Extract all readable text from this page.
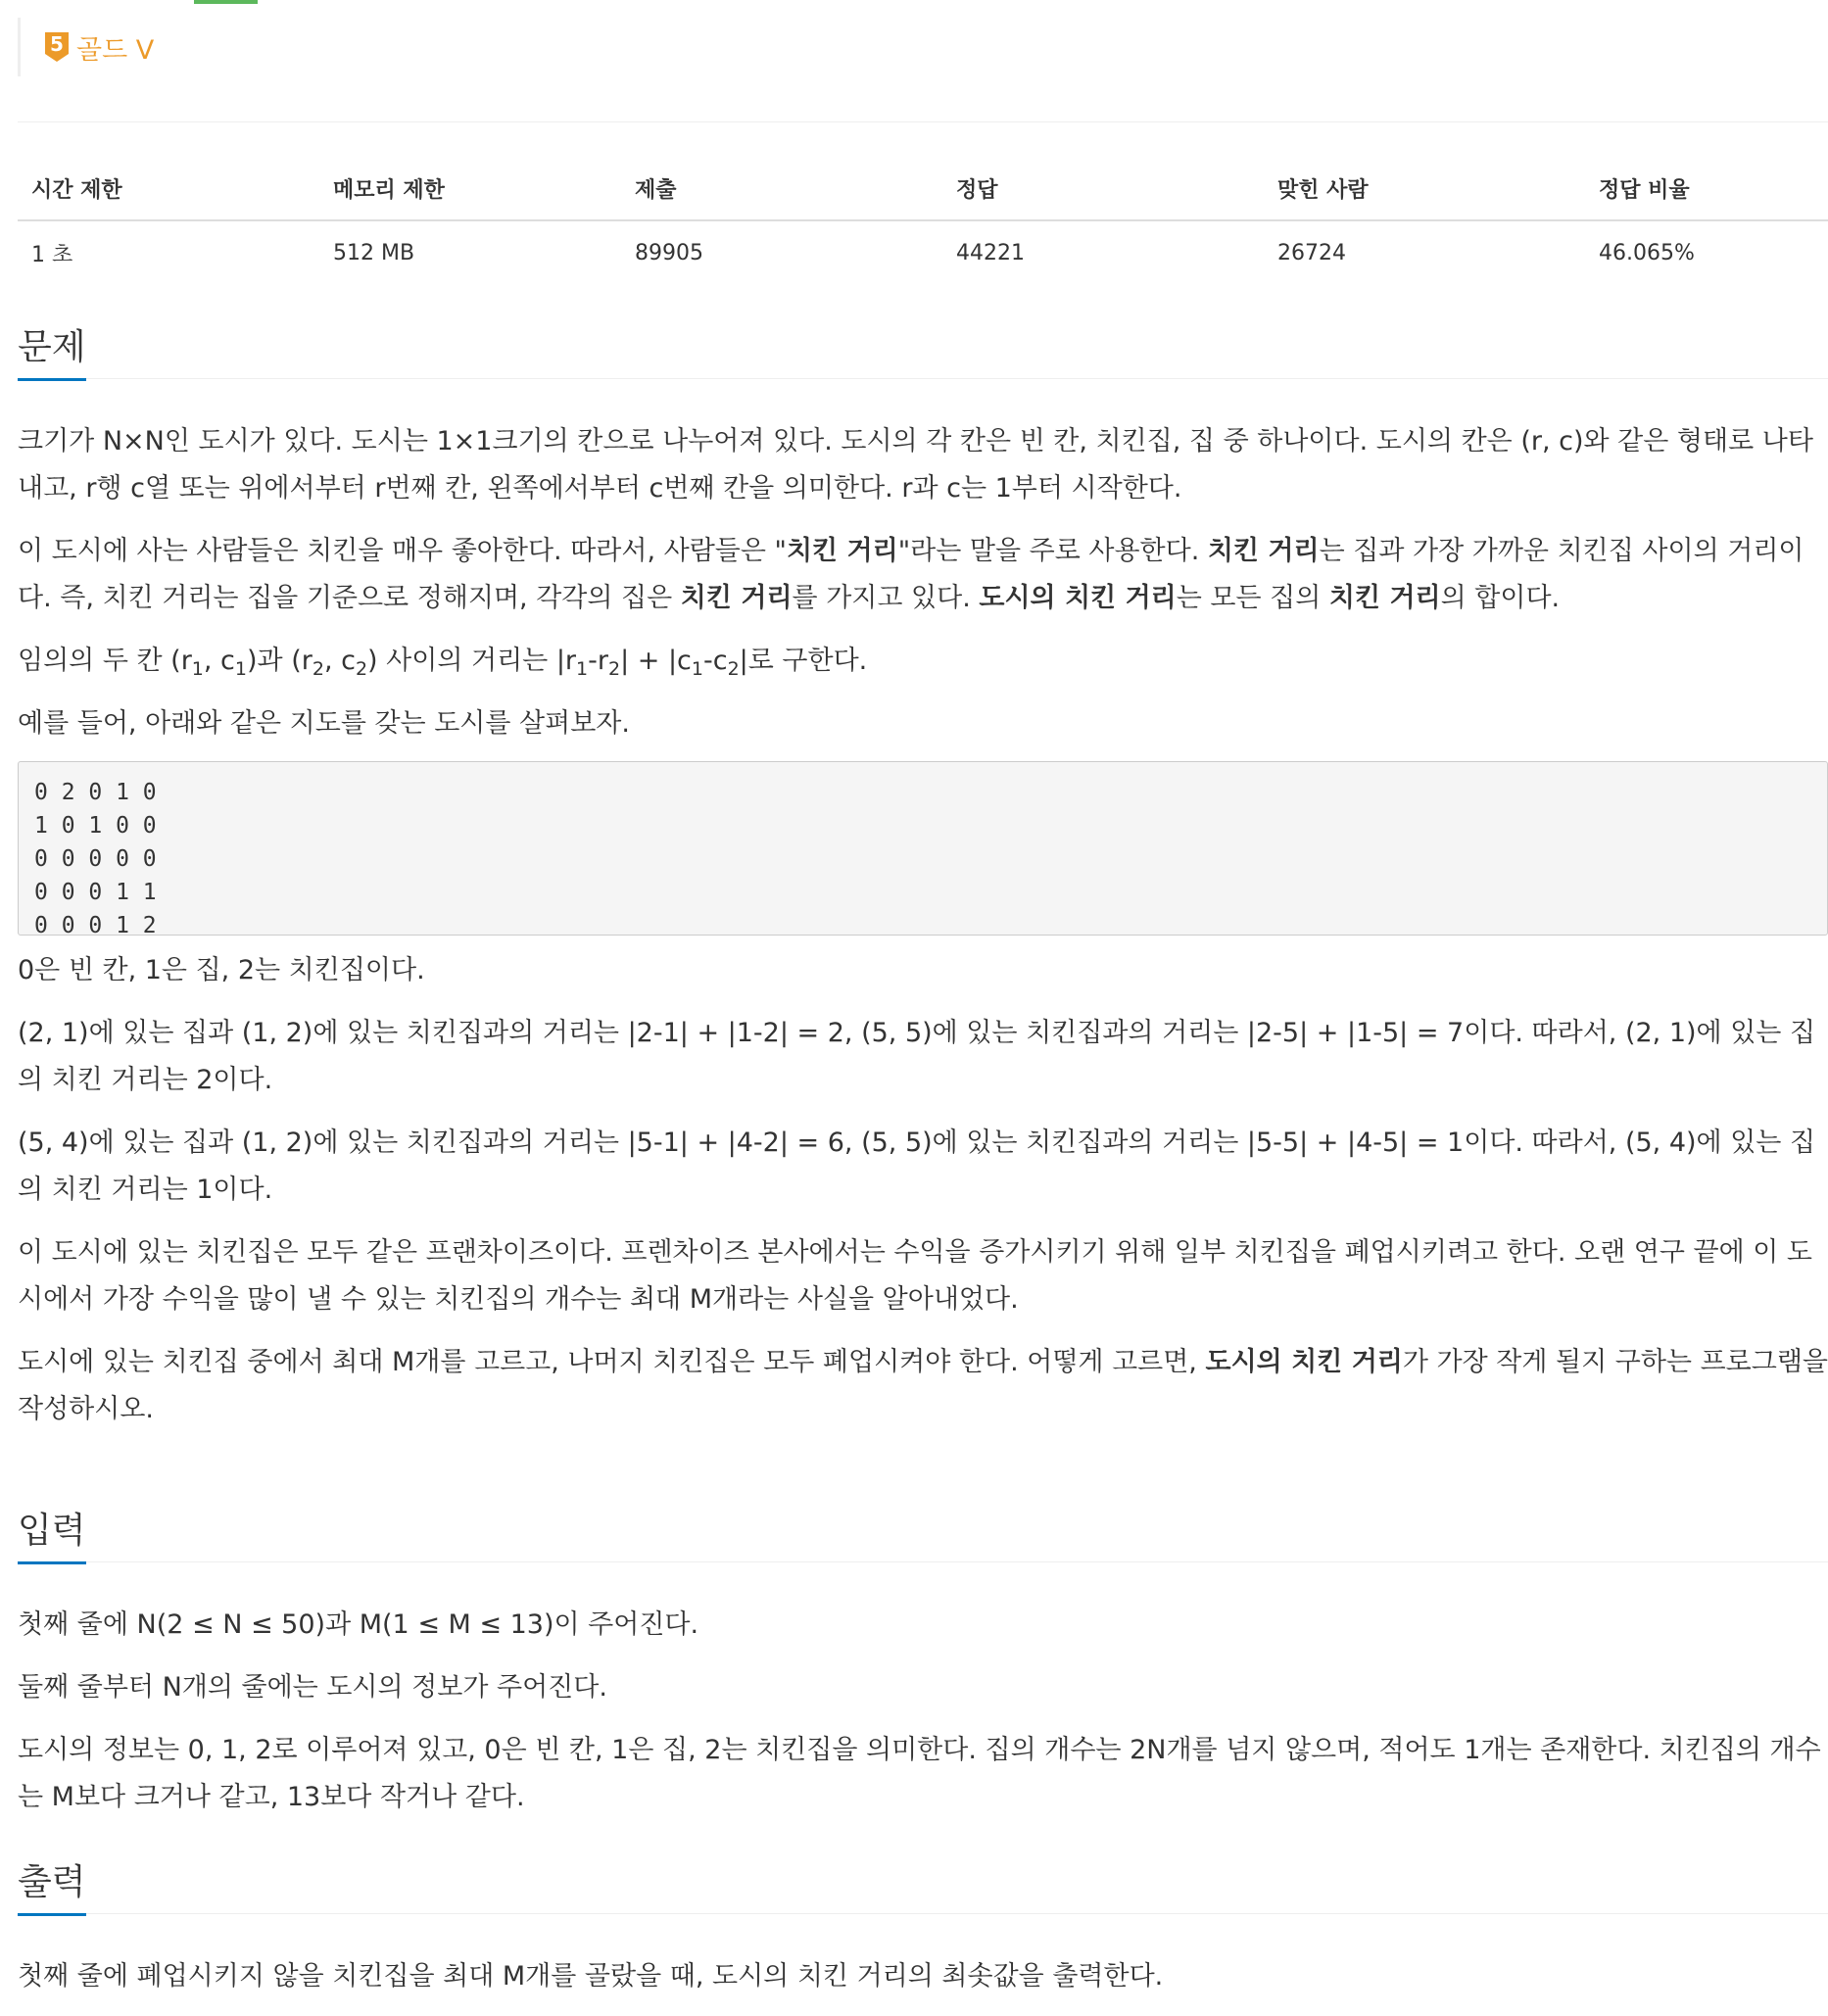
5 골드 V
시간 제한	메모리 제한	제출	정답	맞힌 사람	정답 비율
1 초	512 MB	89905	44221	26724	46.065%
문제

크기가 N×N인 도시가 있다. 도시는 1×1크기의 칸으로 나누어져 있다. 도시의 각 칸은 빈 칸, 치킨집, 집 중 하나이다. 도시의 칸은 (r, c)와 같은 형태로 나타내고, r행 c열 또는 위에서부터 r번째 칸, 왼쪽에서부터 c번째 칸을 의미한다. r과 c는 1부터 시작한다.

이 도시에 사는 사람들은 치킨을 매우 좋아한다. 따라서, 사람들은 "치킨 거리"라는 말을 주로 사용한다. 치킨 거리는 집과 가장 가까운 치킨집 사이의 거리이다. 즉, 치킨 거리는 집을 기준으로 정해지며, 각각의 집은 치킨 거리를 가지고 있다. 도시의 치킨 거리는 모든 집의 치킨 거리의 합이다.

임의의 두 칸 ($r_1$, $c_1$)과 ($r_2$, $c_2$) 사이의 거리는 $|r_1-r_2| + |c_1-c_2|$로 구한다.

예를 들어, 아래와 같은 지도를 갖는 도시를 살펴보자.

0 2 0 1 0
1 0 1 0 0
0 0 0 0 0
0 0 0 1 1
0 0 0 1 2

0은 빈 칸, 1은 집, 2는 치킨집이다.

(2, 1)에 있는 집과 (1, 2)에 있는 치킨집과의 거리는 |2-1| + |1-2| = 2, (5, 5)에 있는 치킨집과의 거리는 |2-5| + |1-5| = 7이다. 따라서, (2, 1)에 있는 집의 치킨 거리는 2이다.

(5, 4)에 있는 집과 (1, 2)에 있는 치킨집과의 거리는 |5-1| + |4-2| = 6, (5, 5)에 있는 치킨집과의 거리는 |5-5| + |4-5| = 1이다. 따라서, (5, 4)에 있는 집의 치킨 거리는 1이다.

이 도시에 있는 치킨집은 모두 같은 프랜차이즈이다. 프렌차이즈 본사에서는 수익을 증가시키기 위해 일부 치킨집을 폐업시키려고 한다. 오랜 연구 끝에 이 도시에서 가장 수익을 많이 낼 수 있는 치킨집의 개수는 최대 M개라는 사실을 알아내었다.

도시에 있는 치킨집 중에서 최대 M개를 고르고, 나머지 치킨집은 모두 폐업시켜야 한다. 어떻게 고르면, 도시의 치킨 거리가 가장 작게 될지 구하는 프로그램을 작성하시오.

입력

첫째 줄에 N(2 ≤ N ≤ 50)과 M(1 ≤ M ≤ 13)이 주어진다.

둘째 줄부터 N개의 줄에는 도시의 정보가 주어진다.

도시의 정보는 0, 1, 2로 이루어져 있고, 0은 빈 칸, 1은 집, 2는 치킨집을 의미한다. 집의 개수는 2N개를 넘지 않으며, 적어도 1개는 존재한다. 치킨집의 개수는 M보다 크거나 같고, 13보다 작거나 같다.

출력

첫째 줄에 폐업시키지 않을 치킨집을 최대 M개를 골랐을 때, 도시의 치킨 거리의 최솟값을 출력한다.
